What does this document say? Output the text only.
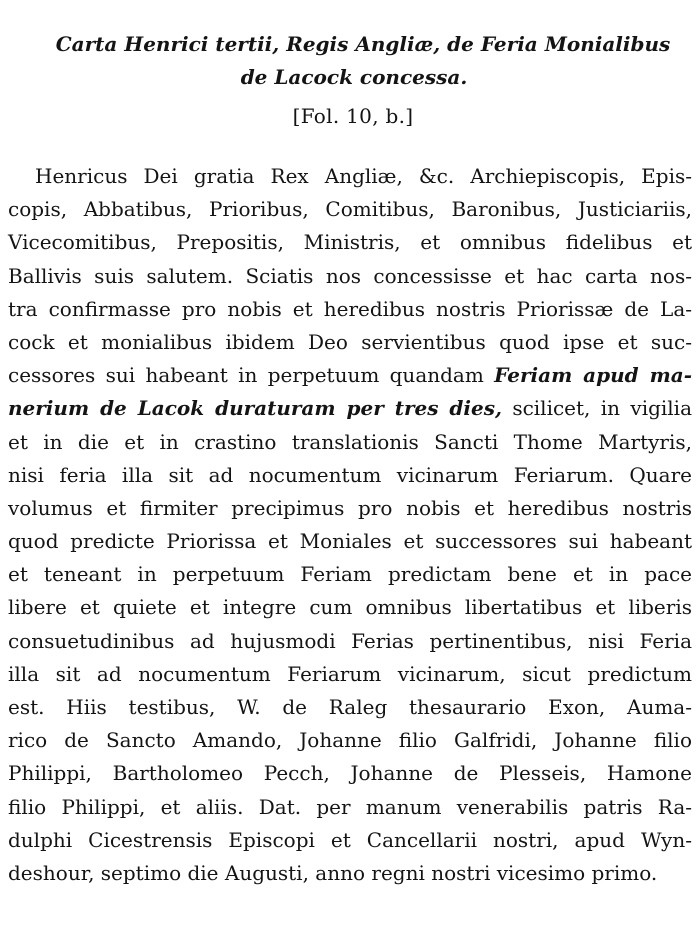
Carta Henrici tertii, Regis Angliæ, de Feria Monialibus
de Lacock concessa.
[Fol. 10, b.]
Henricus Dei gratia Rex Angliæ, &c. Archiepiscopis, Epis-
copis, Abbatibus, Prioribus, Comitibus, Baronibus, Justiciariis,
Vicecomitibus, Prepositis, Ministris, et omnibus fidelibus et
Ballivis suis salutem. Sciatis nos concessisse et hac carta nos-
tra confirmasse pro nobis et heredibus nostris Priorissæ de La-
cock et monialibus ibidem Deo servientibus quod ipse et suc-
cessores sui habeant in perpetuum quandam Feriam apud ma-
nerium de Lacok duraturam per tres dies, scilicet, in vigilia
et in die et in crastino translationis Sancti Thome Martyris,
nisi feria illa sit ad nocumentum vicinarum Feriarum. Quare
volumus et firmiter precipimus pro nobis et heredibus nostris
quod predicte Priorissa et Moniales et successores sui habeant
et teneant in perpetuum Feriam predictam bene et in pace
libere et quiete et integre cum omnibus libertatibus et liberis
consuetudinibus ad hujusmodi Ferias pertinentibus, nisi Feria
illa sit ad nocumentum Feriarum vicinarum, sicut predictum
est. Hiis testibus, W. de Raleg thesaurario Exon, Auma-
rico de Sancto Amando, Johanne filio Galfridi, Johanne filio
Philippi, Bartholomeo Pecch, Johanne de Plesseis, Hamone
filio Philippi, et aliis. Dat. per manum venerabilis patris Ra-
dulphi Cicestrensis Episcopi et Cancellarii nostri, apud Wyn-
deshour, septimo die Augusti, anno regni nostri vicesimo primo.
